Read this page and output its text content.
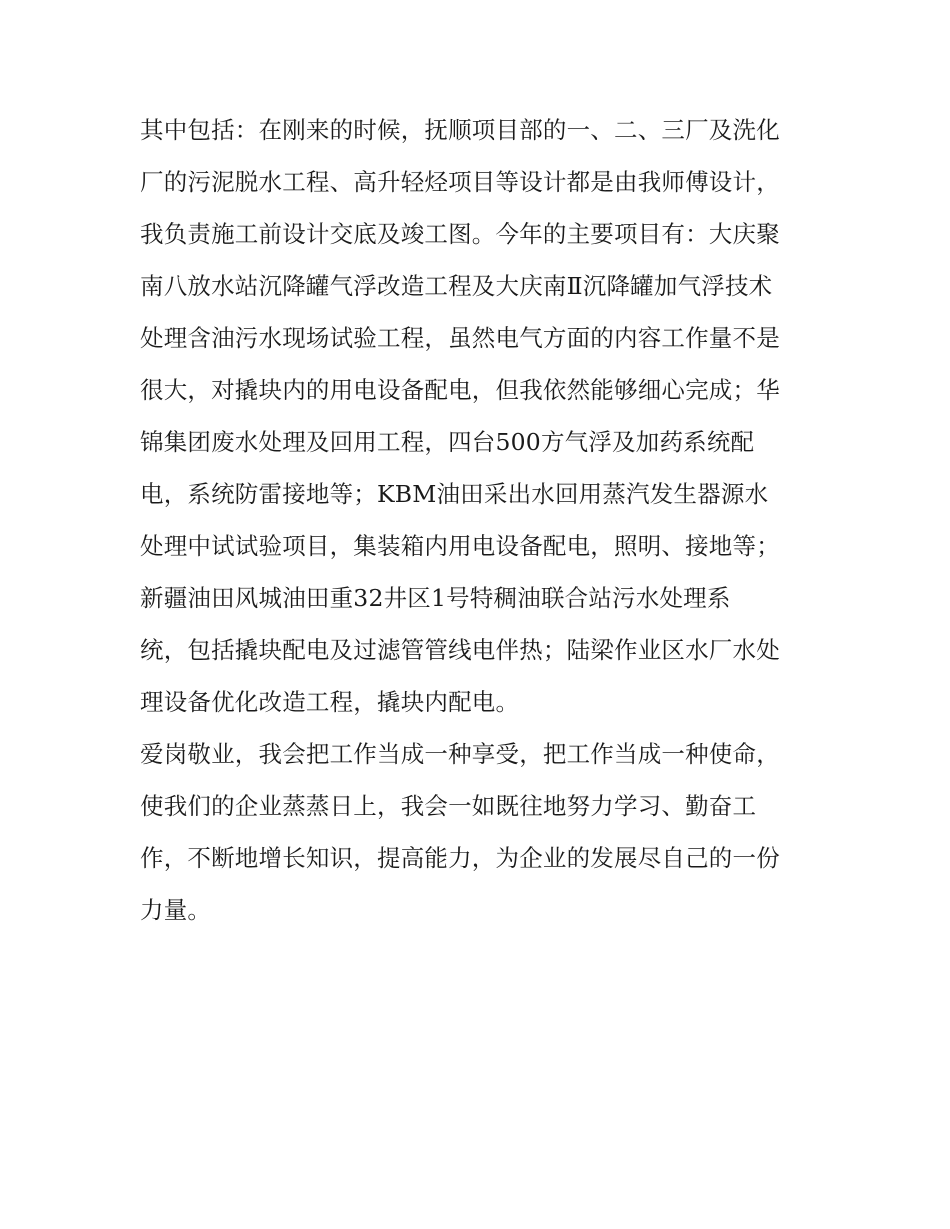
其中包括：在刚来的时候，抚顺项目部的一、二、三厂及洗化
厂的污泥脱水工程、高升轻烃项目等设计都是由我师傅设计，
我负责施工前设计交底及竣工图。今年的主要项目有：大庆聚
南八放水站沉降罐气浮改造工程及大庆南Ⅱ沉降罐加气浮技术
处理含油污水现场试验工程，虽然电气方面的内容工作量不是
很大，对撬块内的用电设备配电，但我依然能够细心完成；华
锦集团废水处理及回用工程，四台500方气浮及加药系统配
电，系统防雷接地等；KBM油田采出水回用蒸汽发生器源水
处理中试试验项目，集装箱内用电设备配电，照明、接地等；
新疆油田风城油田重32井区1号特稠油联合站污水处理系
统，包括撬块配电及过滤管管线电伴热；陆梁作业区水厂水处
理设备优化改造工程，撬块内配电。
爱岗敬业，我会把工作当成一种享受，把工作当成一种使命，
使我们的企业蒸蒸日上，我会一如既往地努力学习、勤奋工
作，不断地增长知识，提高能力，为企业的发展尽自己的一份
力量。
